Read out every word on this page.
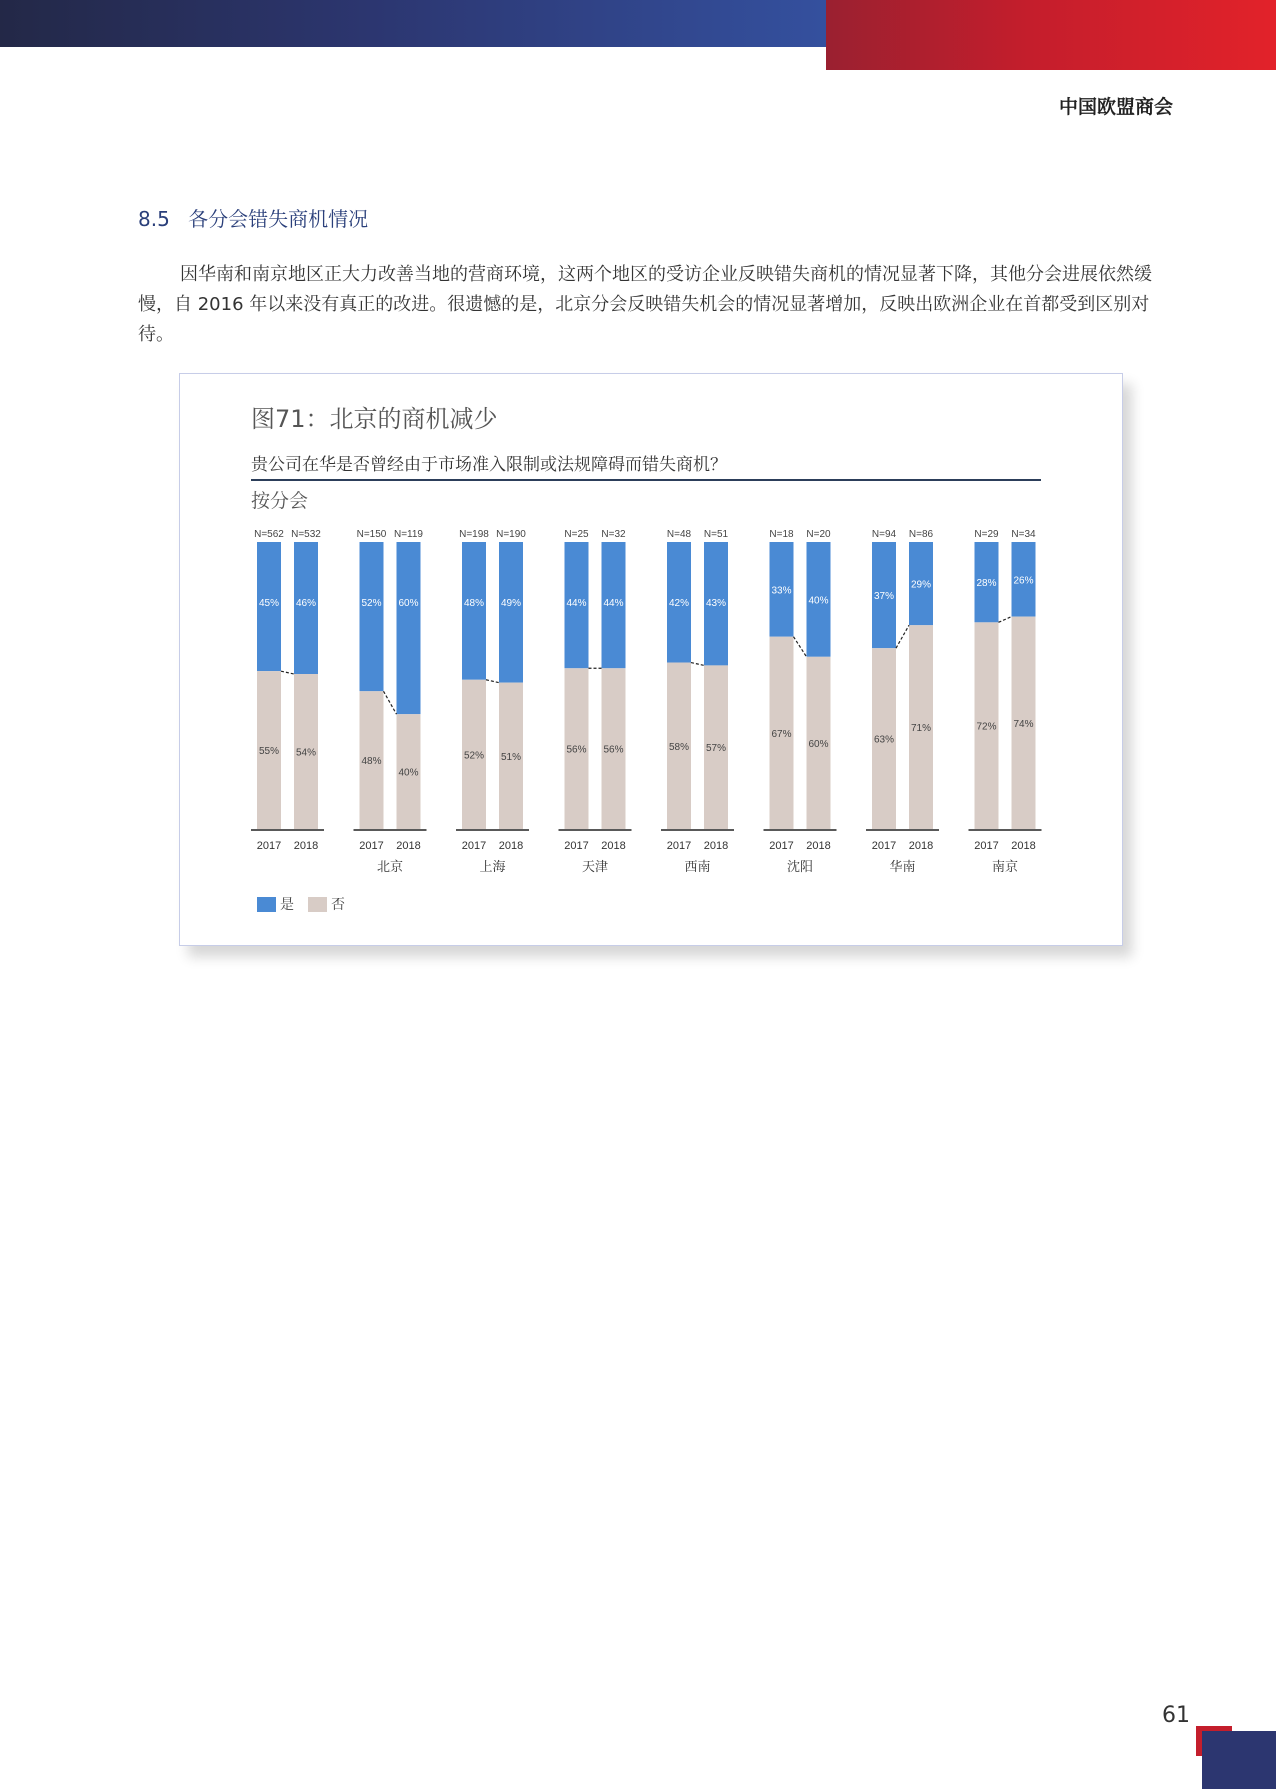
中国欧盟商会
8.5 各分会错失商机情况
因华南和南京地区正大力改善当地的营商环境，这两个地区的受访企业反映错失商机的情况显著下降，其他分会进展依然缓慢，自 2016 年以来没有真正的改进。很遗憾的是，北京分会反映错失机会的情况显著增加，反映出欧洲企业在首都受到区别对待。
图71：北京的商机减少
贵公司在华是否曾经由于市场准入限制或法规障碍而错失商机？
按分会
45%
55%
N=562
2017
46%
54%
N=532
2018
52%
48%
N=150
2017
60%
40%
N=119
2018
北京
48%
52%
N=198
2017
49%
51%
N=190
2018
上海
44%
56%
N=25
2017
44%
56%
N=32
2018
天津
42%
58%
N=48
2017
43%
57%
N=51
2018
西南
33%
67%
N=18
2017
40%
60%
N=20
2018
沈阳
37%
63%
N=94
2017
29%
71%
N=86
2018
华南
28%
72%
N=29
2017
26%
74%
N=34
2018
南京
是	否
61
